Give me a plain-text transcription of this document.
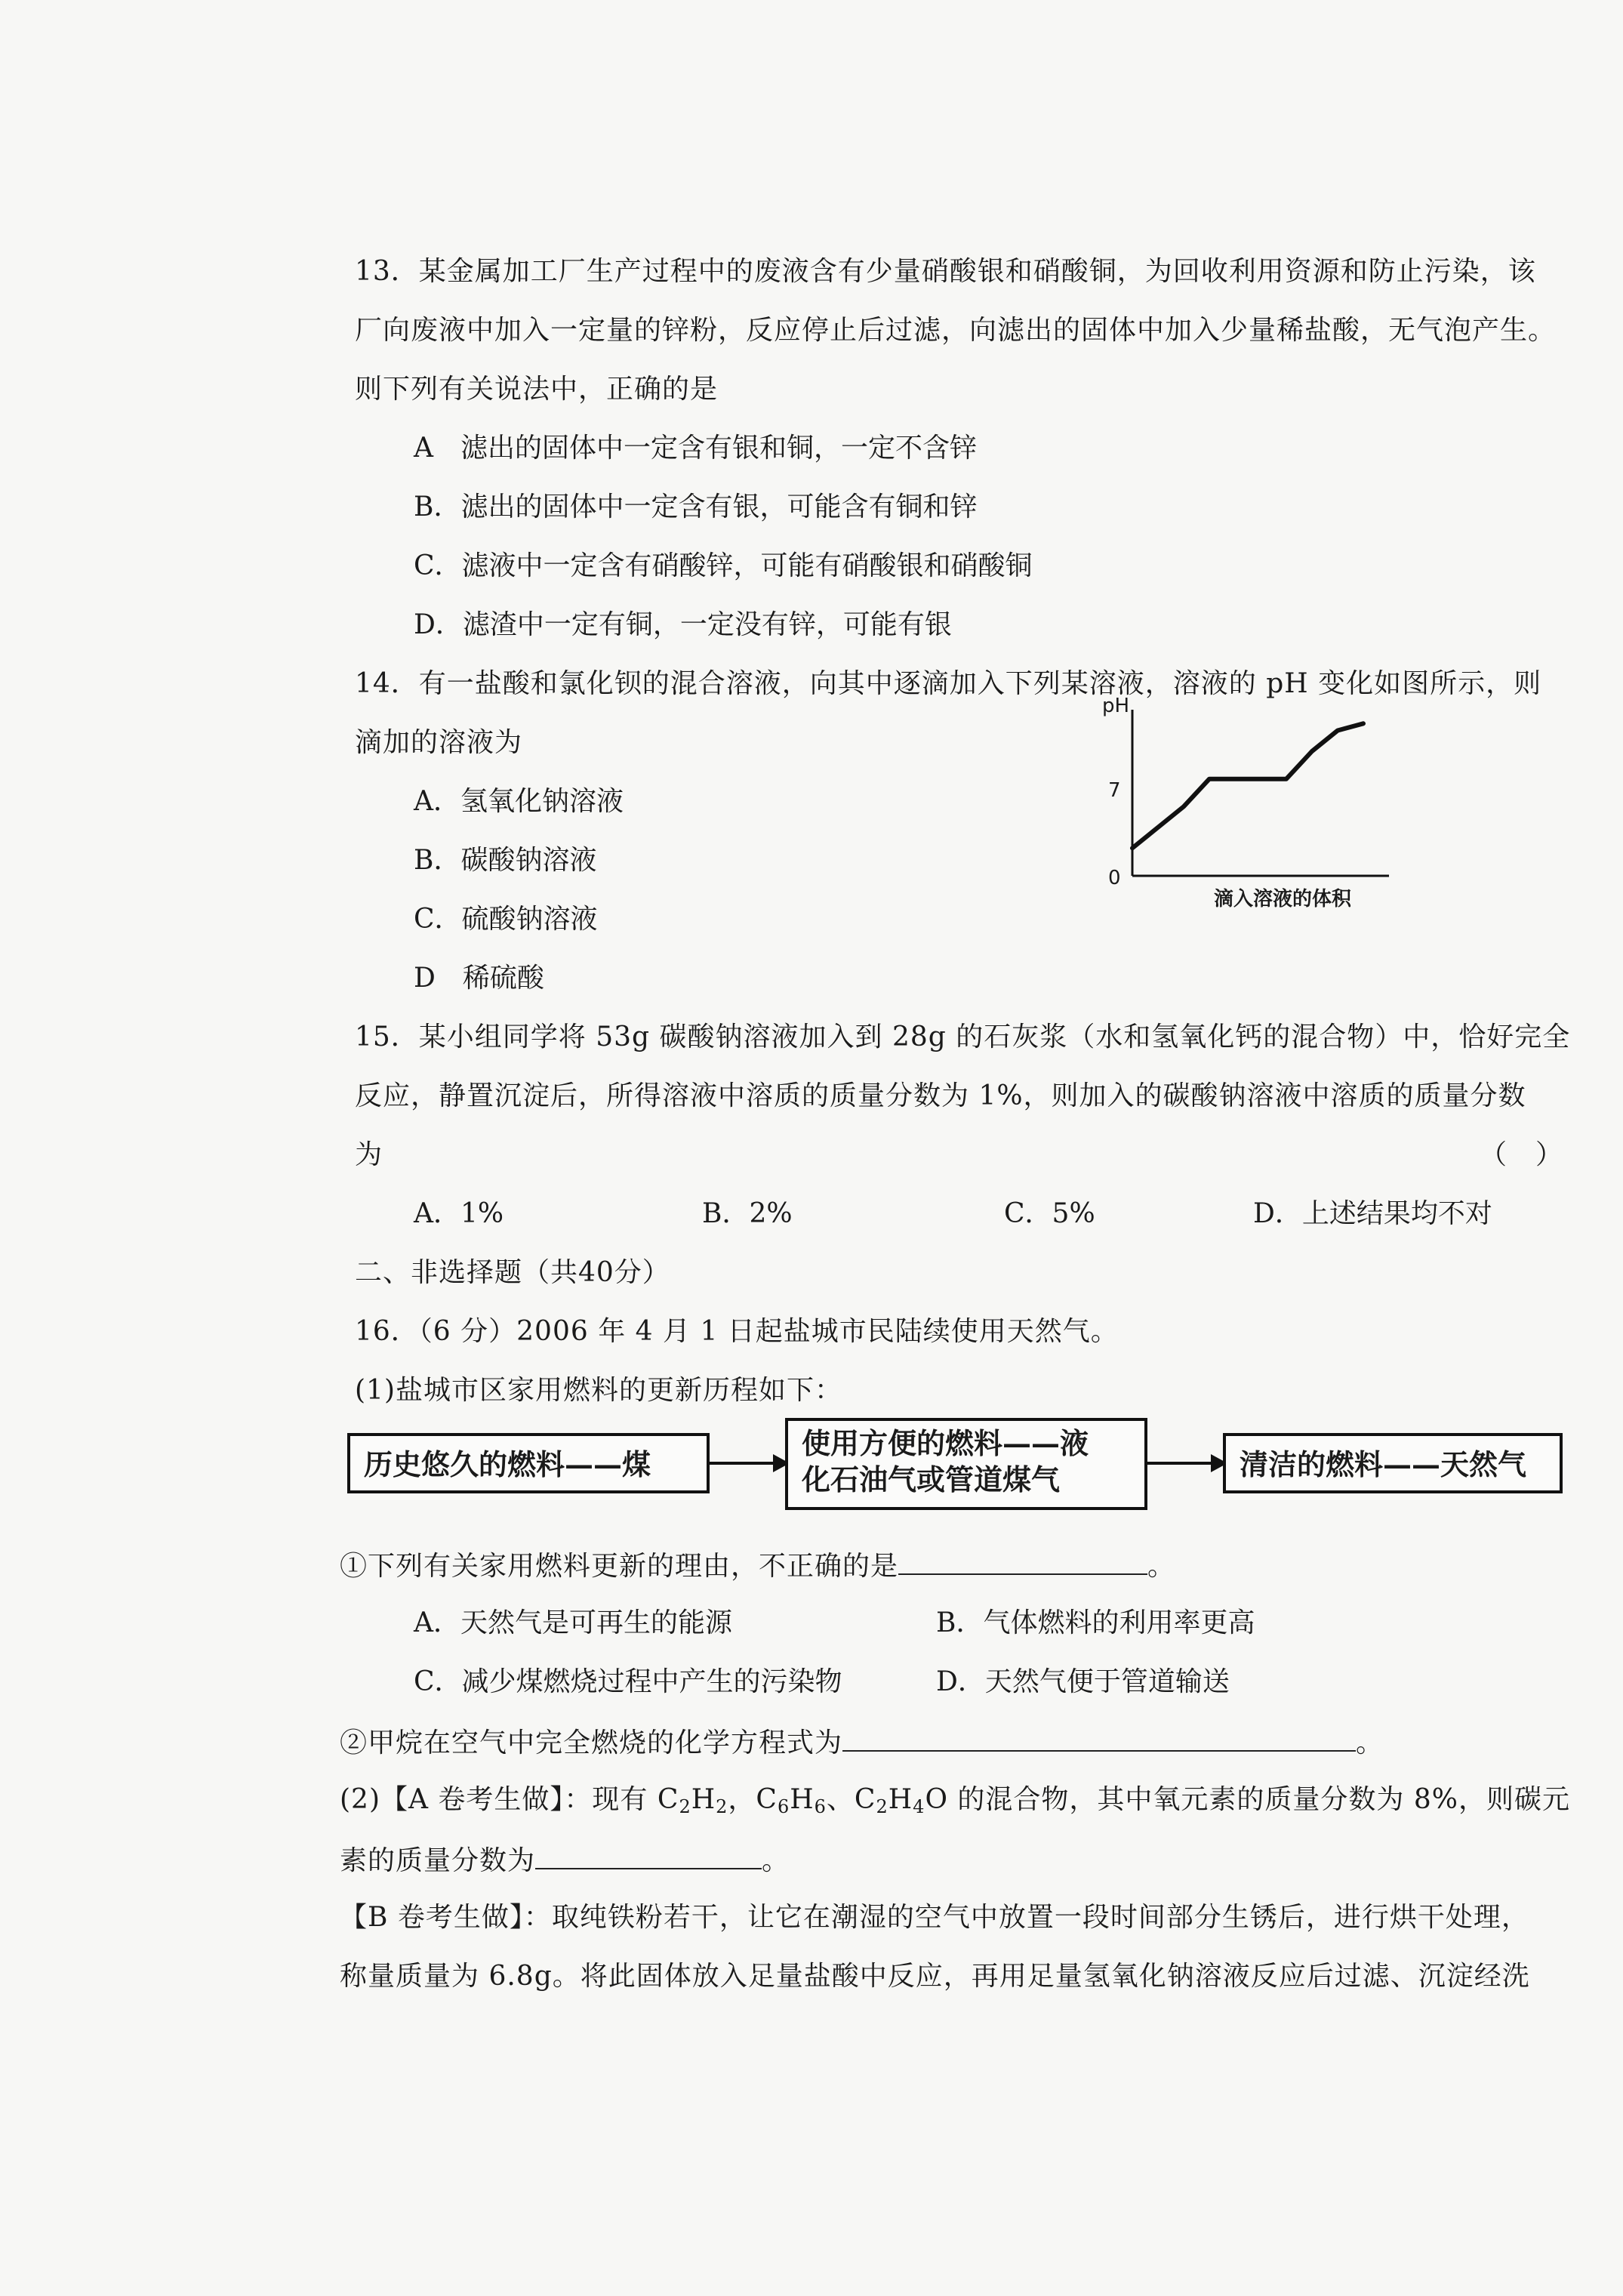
13．某金属加工厂生产过程中的废液含有少量硝酸银和硝酸铜，为回收利用资源和防止污染，该
厂向废液中加入一定量的锌粉，反应停止后过滤，向滤出的固体中加入少量稀盐酸，无气泡产生。
则下列有关说法中，正确的是
A　滤出的固体中一定含有银和铜，一定不含锌
B．滤出的固体中一定含有银，可能含有铜和锌
C．滤液中一定含有硝酸锌，可能有硝酸银和硝酸铜
D．滤渣中一定有铜，一定没有锌，可能有银
14．有一盐酸和氯化钡的混合溶液，向其中逐滴加入下列某溶液，溶液的 pH 变化如图所示，则
滴加的溶液为
A．氢氧化钠溶液
B．碳酸钠溶液
C．硫酸钠溶液
D　稀硫酸
pH
7
0
滴入溶液的体积
15．某小组同学将 53g 碳酸钠溶液加入到 28g 的石灰浆（水和氢氧化钙的混合物）中，恰好完全
反应，静置沉淀后，所得溶液中溶质的质量分数为 1%，则加入的碳酸钠溶液中溶质的质量分数
为	（　）
A．1%	B．2%	C．5%	D．上述结果均不对
二、非选择题（共40分）
16．（6 分）2006 年 4 月 1 日起盐城市民陆续使用天然气。
(1)盐城市区家用燃料的更新历程如下：
历史悠久的燃料——煤
使用方便的燃料——液
化石油气或管道煤气	清洁的燃料——天然气
①下列有关家用燃料更新的理由，不正确的是	。
A．天然气是可再生的能源	B．气体燃料的利用率更高
C．减少煤燃烧过程中产生的污染物	D．天然气便于管道输送
②甲烷在空气中完全燃烧的化学方程式为	。
(2)【A 卷考生做】：现有 $C_2H_2$，$C_6H_6$、$C_2H_4O$ 的混合物，其中氧元素的质量分数为 8%，则碳元
素的质量分数为	。
【B 卷考生做】：取纯铁粉若干，让它在潮湿的空气中放置一段时间部分生锈后，进行烘干处理，
称量质量为 6.8g。将此固体放入足量盐酸中反应，再用足量氢氧化钠溶液反应后过滤、沉淀经洗
